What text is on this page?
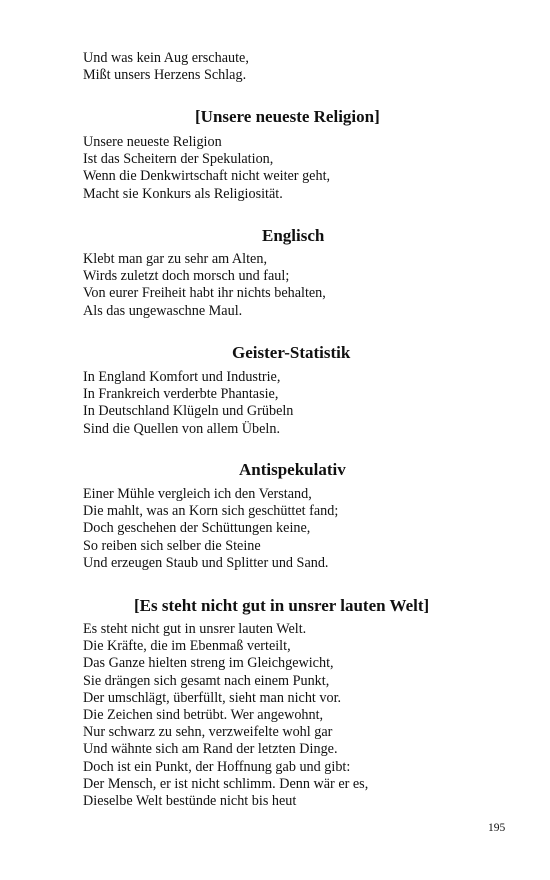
Und was kein Aug erschaute,
Mißt unsers Herzens Schlag.
[Unsere neueste Religion]
Unsere neueste Religion
Ist das Scheitern der Spekulation,
Wenn die Denkwirtschaft nicht weiter geht,
Macht sie Konkurs als Religiosität.
Englisch
Klebt man gar zu sehr am Alten,
Wirds zuletzt doch morsch und faul;
Von eurer Freiheit habt ihr nichts behalten,
Als das ungewaschne Maul.
Geister-Statistik
In England Komfort und Industrie,
In Frankreich verderbte Phantasie,
In Deutschland Klügeln und Grübeln
Sind die Quellen von allem Übeln.
Antispekulativ
Einer Mühle vergleich ich den Verstand,
Die mahlt, was an Korn sich geschüttet fand;
Doch geschehen der Schüttungen keine,
So reiben sich selber die Steine
Und erzeugen Staub und Splitter und Sand.
[Es steht nicht gut in unsrer lauten Welt]
Es steht nicht gut in unsrer lauten Welt.
Die Kräfte, die im Ebenmaß verteilt,
Das Ganze hielten streng im Gleichgewicht,
Sie drängen sich gesamt nach einem Punkt,
Der umschlägt, überfüllt, sieht man nicht vor.
Die Zeichen sind betrübt. Wer angewohnt,
Nur schwarz zu sehn, verzweifelte wohl gar
Und wähnte sich am Rand der letzten Dinge.
Doch ist ein Punkt, der Hoffnung gab und gibt:
Der Mensch, er ist nicht schlimm. Denn wär er es,
Dieselbe Welt bestünde nicht bis heut
195
